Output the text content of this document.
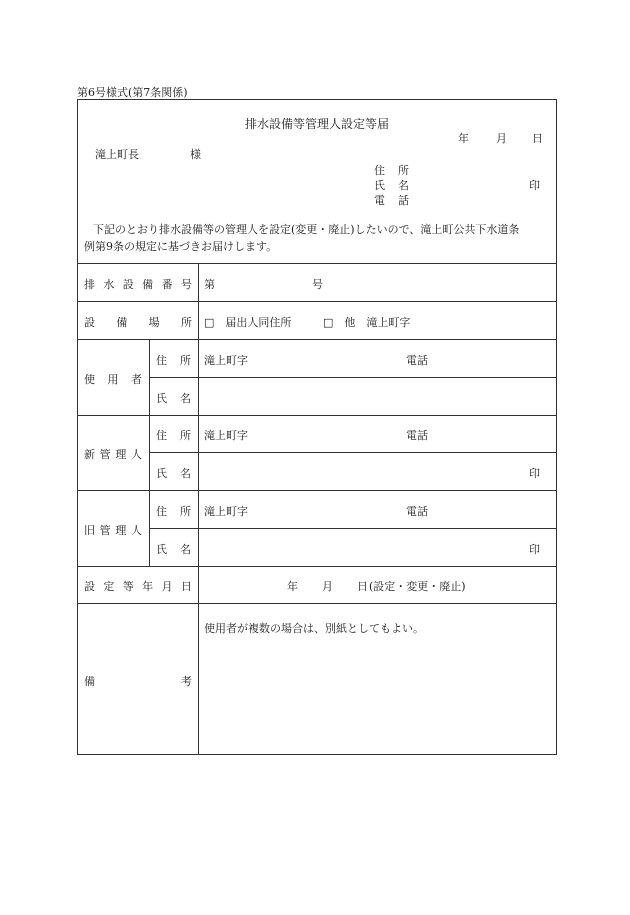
第6号様式(第7条関係)
排水設備等管理人設定等届
年 月 日
滝上町長	様
住 所
氏 名	印
電 話
下記のとおり排水設備等の管理人を設定(変更・廃止)したいので、滝上町公共下水道条
例第9条の規定に基づきお届けします。
排 水 設 備 番 号 第	号
設 備 場 所 □　届出人同住所	□　他　滝上町字
使 用 者
住 所 滝上町字	電話
氏 名
新 管 理 人
住 所 滝上町字	電話
氏 名	印
旧 管 理 人
住 所 滝上町字	電話
氏 名	印
設 定 等 年 月 日	年 月 日 (設定・変更・廃止)
備	考
使用者が複数の場合は、別紙としてもよい。
